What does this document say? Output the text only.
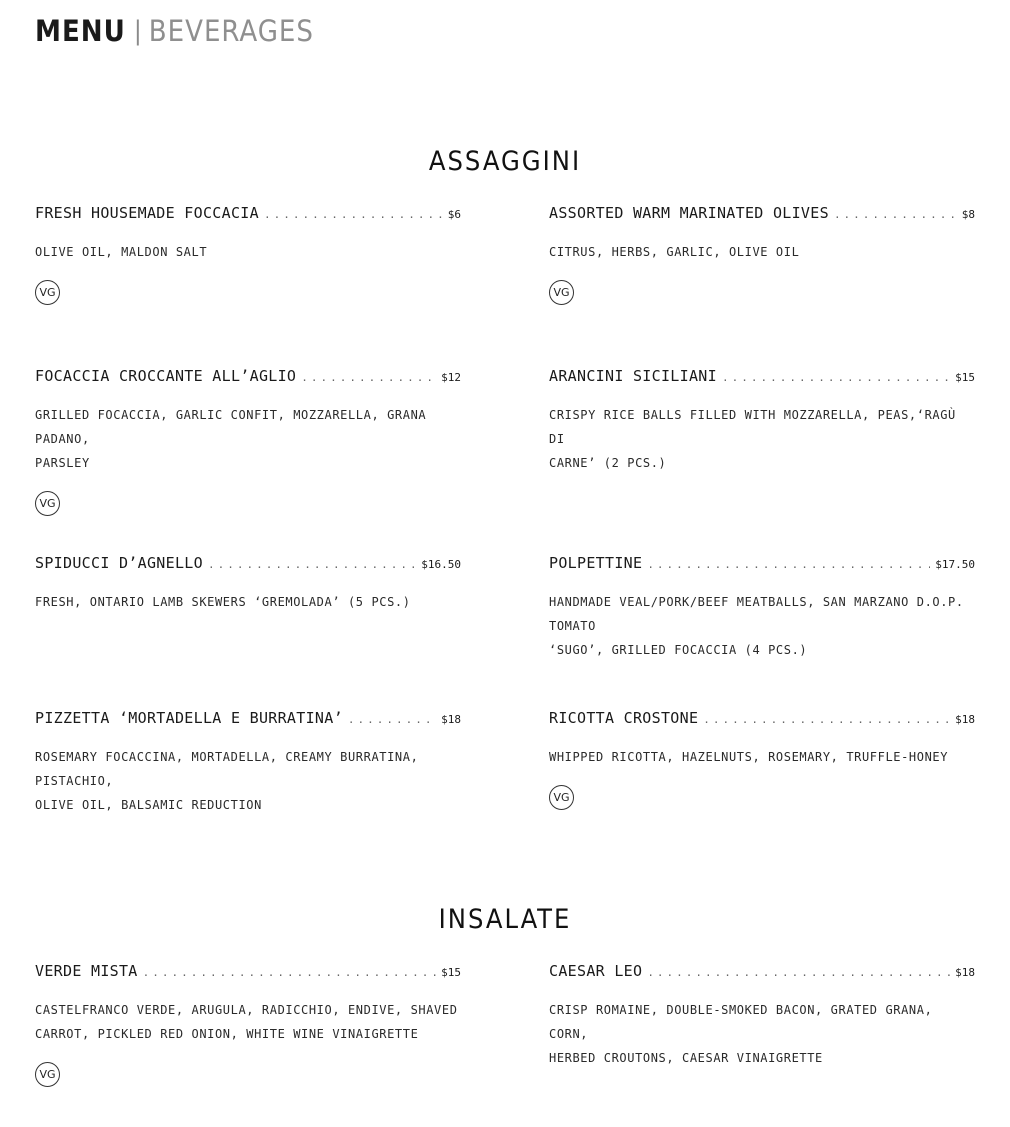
MENU | BEVERAGES
ASSAGGINI
FRESH HOUSEMADE FOCCACIA .....	$6
OLIVE OIL, MALDON SALT
VG
ASSORTED WARM MARINATED OLIVES .....	$8
CITRUS, HERBS, GARLIC, OLIVE OIL
VG
FOCACCIA CROCCANTE ALL’AGLIO .....	$12
GRILLED FOCACCIA, GARLIC CONFIT, MOZZARELLA, GRANA PADANO,
PARSLEY
VG
ARANCINI SICILIANI .....	$15
CRISPY RICE BALLS FILLED WITH MOZZARELLA, PEAS,‘RAGÙ DI
CARNE’ (2 PCS.)
SPIDUCCI D’AGNELLO .....	$16.50
FRESH, ONTARIO LAMB SKEWERS ‘GREMOLADA’ (5 PCS.)
POLPETTINE .....	$17.50
HANDMADE VEAL/PORK/BEEF MEATBALLS, SAN MARZANO D.O.P. TOMATO
‘SUGO’, GRILLED FOCACCIA (4 PCS.)
PIZZETTA ‘MORTADELLA E BURRATINA’ .....	$18
ROSEMARY FOCACCINA, MORTADELLA, CREAMY BURRATINA, PISTACHIO,
OLIVE OIL, BALSAMIC REDUCTION
RICOTTA CROSTONE .....	$18
WHIPPED RICOTTA, HAZELNUTS, ROSEMARY, TRUFFLE-HONEY
VG
INSALATE
VERDE MISTA .....	$15
CASTELFRANCO VERDE, ARUGULA, RADICCHIO, ENDIVE, SHAVED
CARROT, PICKLED RED ONION, WHITE WINE VINAIGRETTE
VG
CAESAR LEO .....	$18
CRISP ROMAINE, DOUBLE-SMOKED BACON, GRATED GRANA, CORN,
HERBED CROUTONS, CAESAR VINAIGRETTE
